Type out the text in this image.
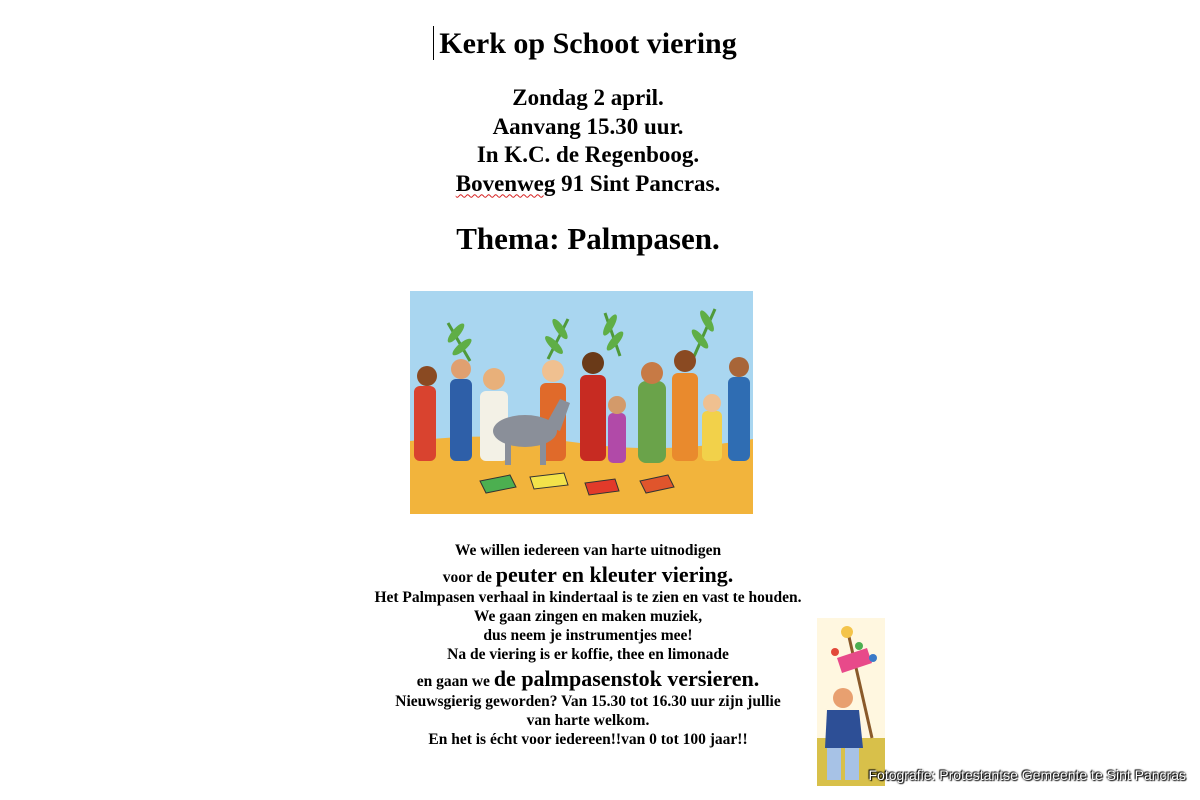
Kerk op Schoot viering
Zondag 2 april.
Aanvang 15.30 uur.
In K.C. de Regenboog.
Bovenweg 91 Sint Pancras.
Thema: Palmpasen.
We willen iedereen van harte uitnodigen
voor de peuter en kleuter viering.
Het Palmpasen verhaal in kindertaal is te zien en vast te houden.
We gaan zingen en maken muziek,
dus neem je instrumentjes mee!
Na de viering is er koffie, thee en limonade
en gaan we de palmpasenstok versieren.
Nieuwsgierig geworden? Van 15.30 tot 16.30 uur zijn jullie
van harte welkom.
En het is écht voor iedereen!!van 0 tot 100 jaar!!
Fotografie: Protestantse Gemeente te Sint Pancras
